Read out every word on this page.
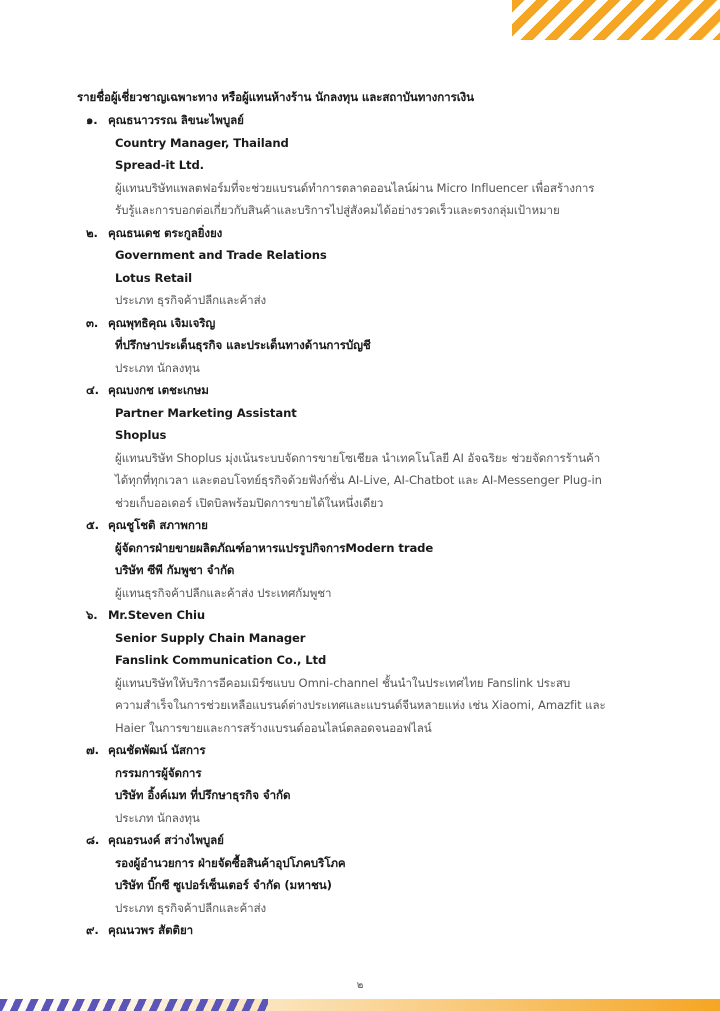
รายชื่อผู้เชี่ยวชาญเฉพาะทาง หรือผู้แทนห้างร้าน นักลงทุน และสถาบันทางการเงิน
๑. คุณธนาวรรณ ลิขนะไพบูลย์
Country Manager, Thailand
Spread-it Ltd.
ผู้แทนบริษัทแพลตฟอร์มที่จะช่วยแบรนด์ทำการตลาดออนไลน์ผ่าน Micro Influencer เพื่อสร้างการ
รับรู้และการบอกต่อเกี่ยวกับสินค้าและบริการไปสู่สังคมได้อย่างรวดเร็วและตรงกลุ่มเป้าหมาย
๒. คุณธนเดช ตระกูลยิ่งยง
Government and Trade Relations
Lotus Retail
ประเภท ธุรกิจค้าปลีกและค้าส่ง
๓. คุณพุทธิคุณ เจิมเจริญ
ที่ปรึกษาประเด็นธุรกิจ และประเด็นทางด้านการบัญชี
ประเภท นักลงทุน
๔. คุณบงกช เตชะเกษม
Partner Marketing Assistant
Shoplus
ผู้แทนบริษัท Shoplus มุ่งเน้นระบบจัดการขายโซเชียล นำเทคโนโลยี AI อัจฉริยะ ช่วยจัดการร้านค้า
ได้ทุกที่ทุกเวลา และตอบโจทย์ธุรกิจด้วยฟังก์ชั่น AI-Live, AI-Chatbot และ AI-Messenger Plug-in
ช่วยเก็บออเดอร์ เปิดบิลพร้อมปิดการขายได้ในหนึ่งเดียว
๕. คุณชูโชติ สภาพกาย
ผู้จัดการฝ่ายขายผลิตภัณฑ์อาหารแปรรูปกิจการModern trade
บริษัท ซีพี กัมพูชา จำกัด
ผู้แทนธุรกิจค้าปลีกและค้าส่ง ประเทศกัมพูชา
๖. Mr.Steven Chiu
Senior Supply Chain Manager
Fanslink Communication Co., Ltd
ผู้แทนบริษัทให้บริการอีคอมเมิร์ซแบบ Omni-channel ชั้นนำในประเทศไทย Fanslink ประสบ
ความสำเร็จในการช่วยเหลือแบรนด์ต่างประเทศและแบรนด์จีนหลายแห่ง เช่น Xiaomi, Amazfit และ
Haier ในการขายและการสร้างแบรนด์ออนไลน์ตลอดจนออฟไลน์
๗. คุณชัดพัฒน์ นัสการ
กรรมการผู้จัดการ
บริษัท อิ้งค์เมท ที่ปรึกษาธุรกิจ จำกัด
ประเภท นักลงทุน
๘. คุณอรนงค์ สว่างไพบูลย์
รองผู้อำนวยการ ฝ่ายจัดซื้อสินค้าอุปโภคบริโภค
บริษัท บิ๊กซี ซูเปอร์เซ็นเตอร์ จำกัด (มหาชน)
ประเภท ธุรกิจค้าปลีกและค้าส่ง
๙. คุณนวพร สัตติยา
๒
